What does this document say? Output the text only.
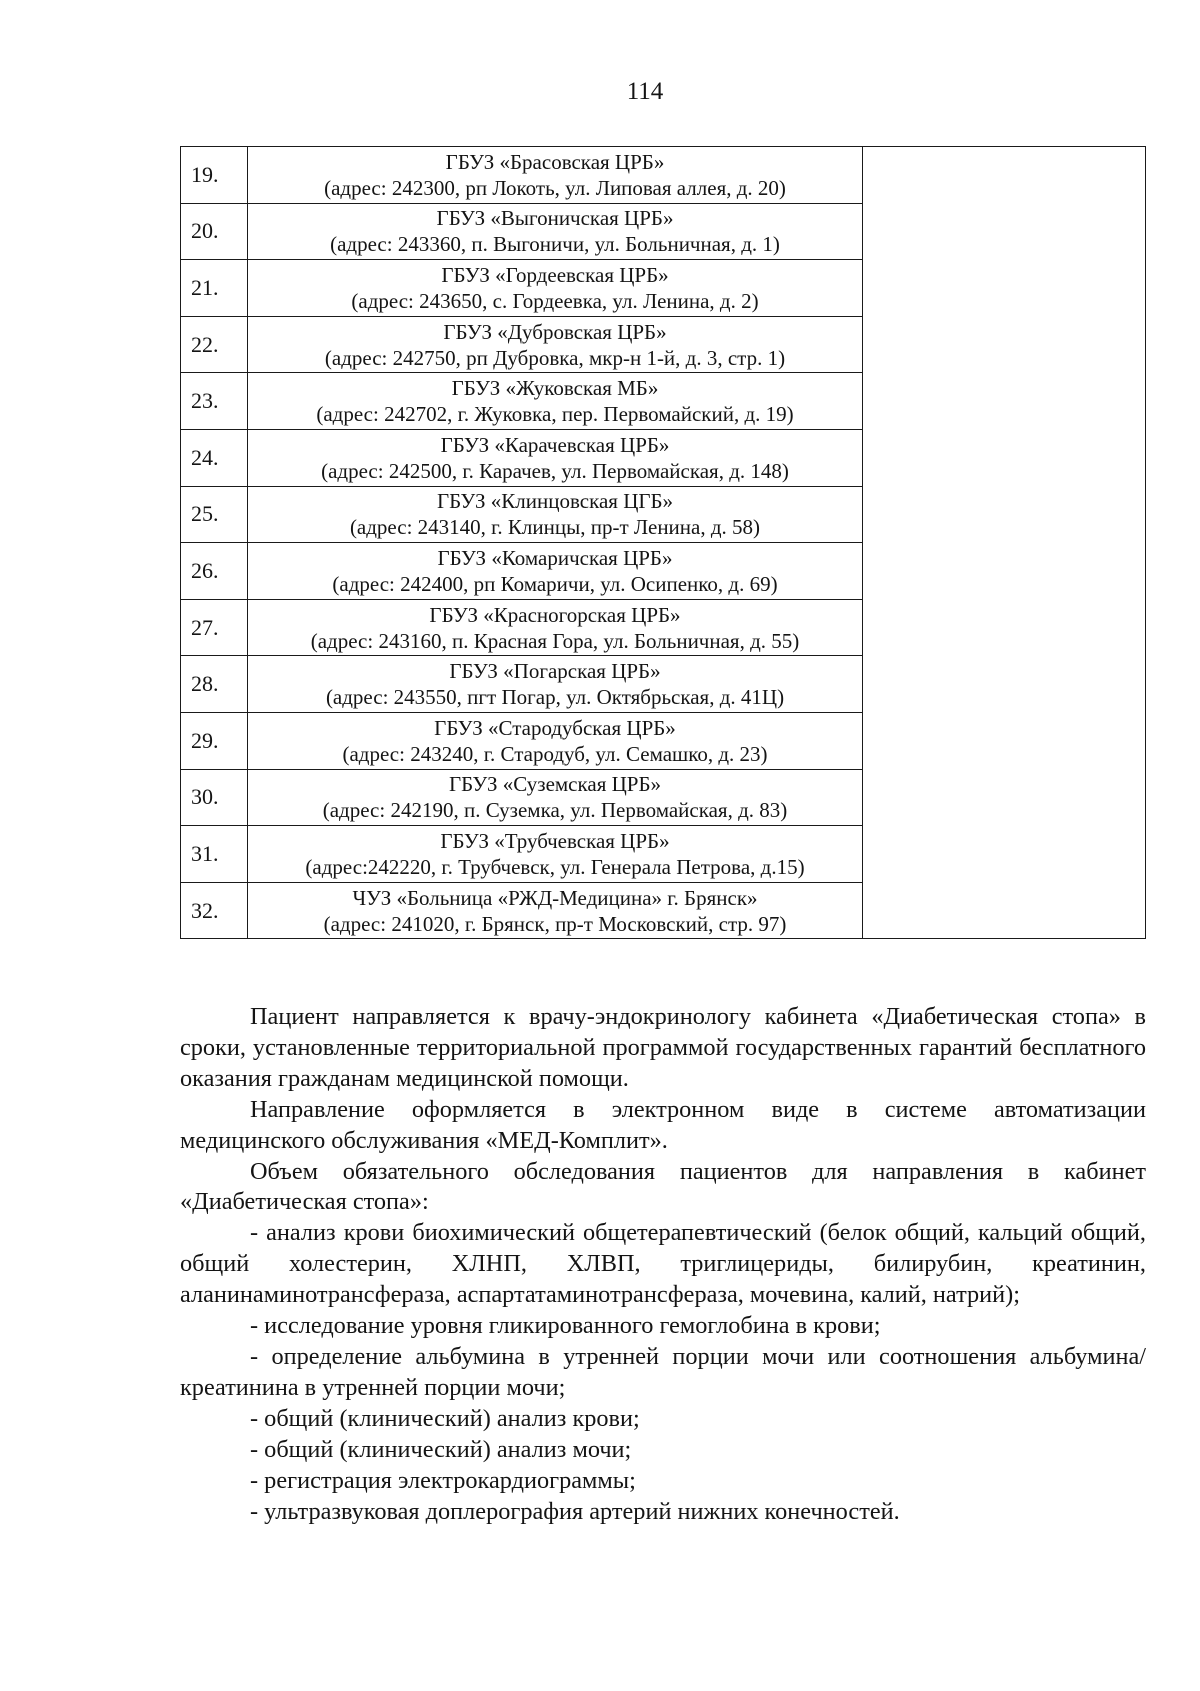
114
19.	ГБУЗ «Брасовская ЦРБ»
(адрес: 242300, рп Локоть, ул. Липовая аллея, д. 20)	

20.	ГБУЗ «Выгоничская ЦРБ»
(адрес: 243360, п. Выгоничи, ул. Больничная, д. 1)	

21.	ГБУЗ «Гордеевская ЦРБ»
(адрес: 243650, с. Гордеевка, ул. Ленина, д. 2)	

22.	ГБУЗ «Дубровская ЦРБ»
(адрес: 242750, рп Дубровка, мкр-н 1-й, д. 3, стр. 1)	

23.	ГБУЗ «Жуковская МБ»
(адрес: 242702, г. Жуковка, пер. Первомайский, д. 19)	

24.	ГБУЗ «Карачевская ЦРБ»
(адрес: 242500, г. Карачев, ул. Первомайская, д. 148)	

25.	ГБУЗ «Клинцовская ЦГБ»
(адрес: 243140, г. Клинцы, пр-т Ленина, д. 58)	

26.	ГБУЗ «Комаричская ЦРБ»
(адрес: 242400, рп Комаричи, ул. Осипенко, д. 69)	

27.	ГБУЗ «Красногорская ЦРБ»
(адрес: 243160, п. Красная Гора, ул. Больничная, д. 55)	

28.	ГБУЗ «Погарская ЦРБ»
(адрес: 243550, пгт Погар, ул. Октябрьская, д. 41Ц)	

29.	ГБУЗ «Стародубская ЦРБ»
(адрес: 243240, г. Стародуб, ул. Семашко, д. 23)	

30.	ГБУЗ «Суземская ЦРБ»
(адрес: 242190, п. Суземка, ул. Первомайская, д. 83)	

31.	ГБУЗ «Трубчевская ЦРБ»
(адрес:242220, г. Трубчевск, ул. Генерала Петрова, д.15)	

32.	ЧУЗ «Больница «РЖД-Медицина» г. Брянск»
(адрес: 241020, г. Брянск, пр-т Московский, стр. 97)	

Пациент направляется к врачу-эндокринологу кабинета «Диабетическая стопа» в сроки, установленные территориальной программой государственных гарантий бесплатного оказания гражданам медицинской помощи.

Направление оформляется в электронном виде в системе автоматизации медицинского обслуживания «МЕД-Комплит».

Объем обязательного обследования пациентов для направления в кабинет «Диабетическая стопа»:

- анализ крови биохимический общетерапевтический (белок общий, кальций общий, общий холестерин, ХЛНП, ХЛВП, триглицериды, билирубин, креатинин, аланинаминотрансфераза, аспартатаминотрансфераза, мочевина, калий, натрий);

- исследование уровня гликированного гемоглобина в крови;

- определение альбумина в утренней порции мочи или соотношения альбумина/креатинина в утренней порции мочи;

- общий (клинический) анализ крови;

- общий (клинический) анализ мочи;

- регистрация электрокардиограммы;

- ультразвуковая доплерография артерий нижних конечностей.
